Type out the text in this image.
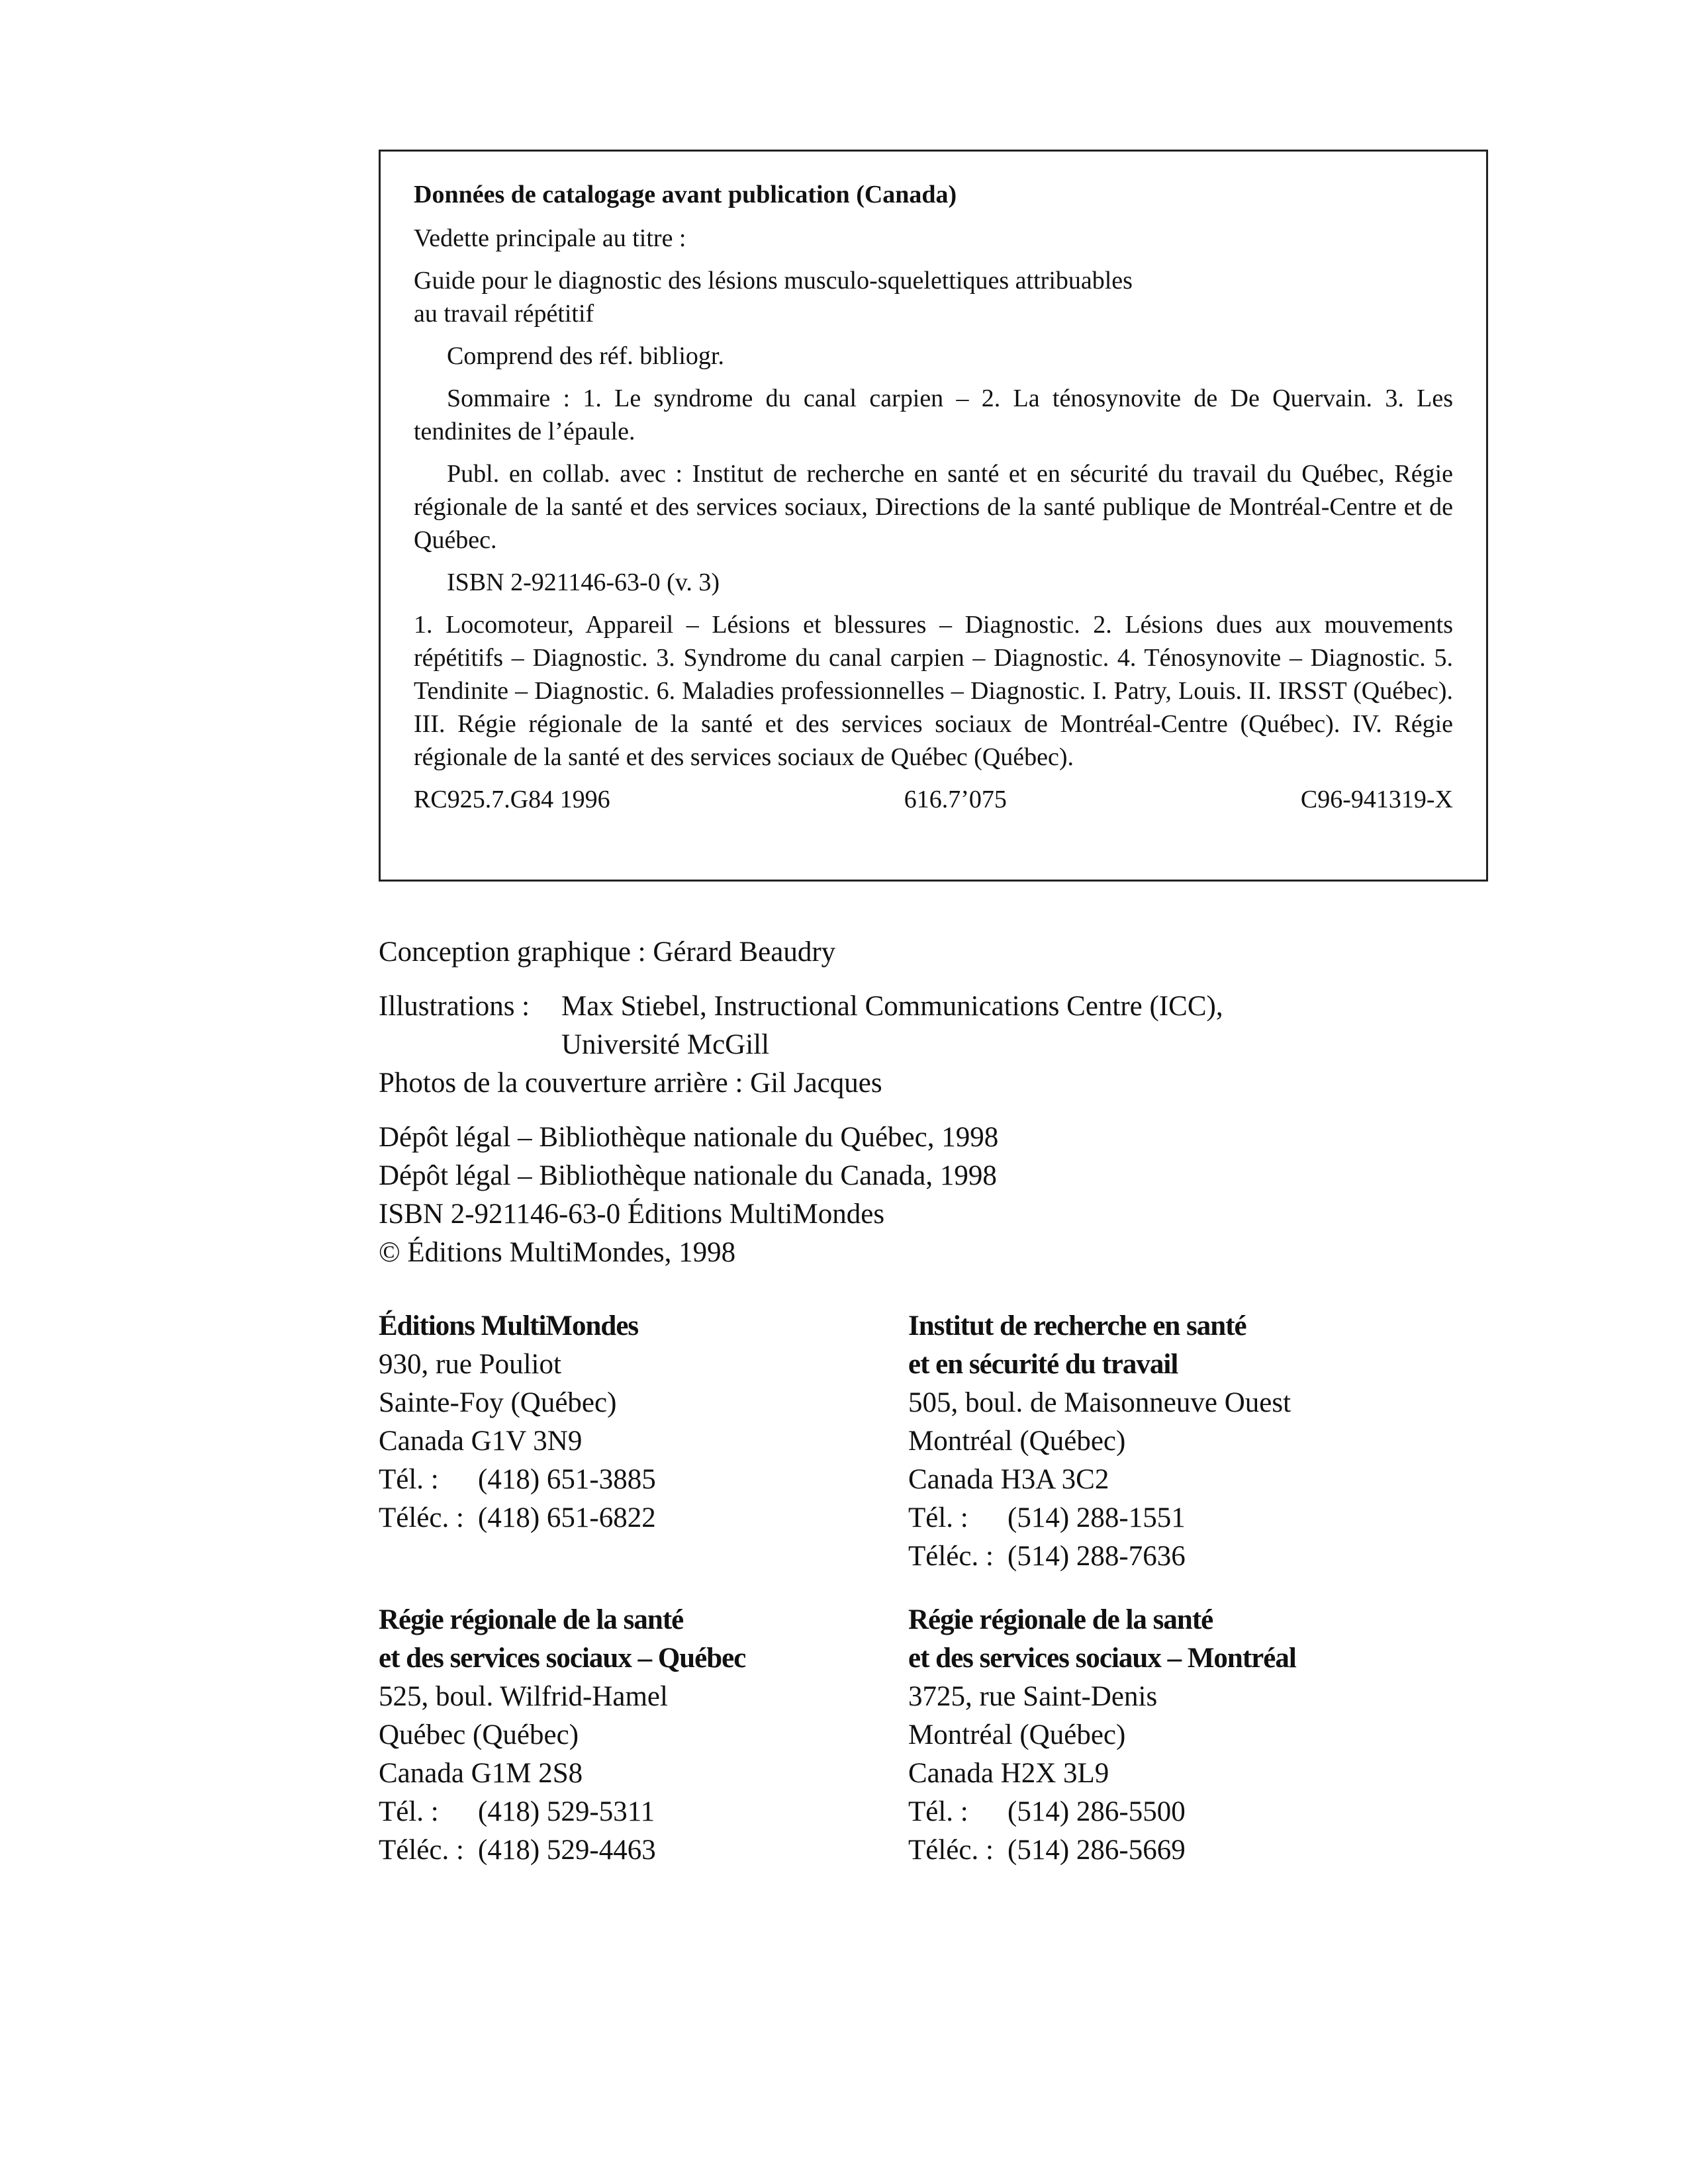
Données de catalogage avant publication (Canada)

Vedette principale au titre :

Guide pour le diagnostic des lésions musculo-squelettiques attribuables
au travail répétitif

Comprend des réf. bibliogr.

Sommaire : 1. Le syndrome du canal carpien – 2. La ténosynovite de De Quervain. 3. Les tendinites de l’épaule.

Publ. en collab. avec : Institut de recherche en santé et en sécurité du travail du Québec, Régie régionale de la santé et des services sociaux, Directions de la santé publique de Montréal-Centre et de Québec.

ISBN 2-921146-63-0 (v. 3)

1. Locomoteur, Appareil – Lésions et blessures – Diagnostic. 2. Lésions dues aux mouvements répétitifs – Diagnostic. 3. Syndrome du canal carpien – Diagnostic. 4. Ténosynovite – Diagnostic. 5. Tendinite – Diagnostic. 6. Maladies professionnelles – Diagnostic. I. Patry, Louis. II. IRSST (Québec). III. Régie régionale de la santé et des services sociaux de Montréal-Centre (Québec). IV. Régie régionale de la santé et des services sociaux de Québec (Québec).

RC925.7.G84 1996	616.7’075	C96-941319-X

Conception graphique : Gérard Beaudry

Illustrations :	Max Stiebel, Instructional Communications Centre (ICC),
Université McGill

Photos de la couverture arrière : Gil Jacques

Dépôt légal – Bibliothèque nationale du Québec, 1998

Dépôt légal – Bibliothèque nationale du Canada, 1998

ISBN 2-921146-63-0 Éditions MultiMondes

© Éditions MultiMondes, 1998

Éditions MultiMondes
930, rue Pouliot
Sainte-Foy (Québec)
Canada G1V 3N9
Tél. : (418) 651-3885
Téléc. : (418) 651-6822
Institut de recherche en santé
et en sécurité du travail
505, boul. de Maisonneuve Ouest
Montréal (Québec)
Canada H3A 3C2
Tél. : (514) 288-1551
Téléc. : (514) 288-7636
Régie régionale de la santé
et des services sociaux – Québec
525, boul. Wilfrid-Hamel
Québec (Québec)
Canada G1M 2S8
Tél. : (418) 529-5311
Téléc. : (418) 529-4463
Régie régionale de la santé
et des services sociaux – Montréal
3725, rue Saint-Denis
Montréal (Québec)
Canada H2X 3L9
Tél. : (514) 286-5500
Téléc. : (514) 286-5669
